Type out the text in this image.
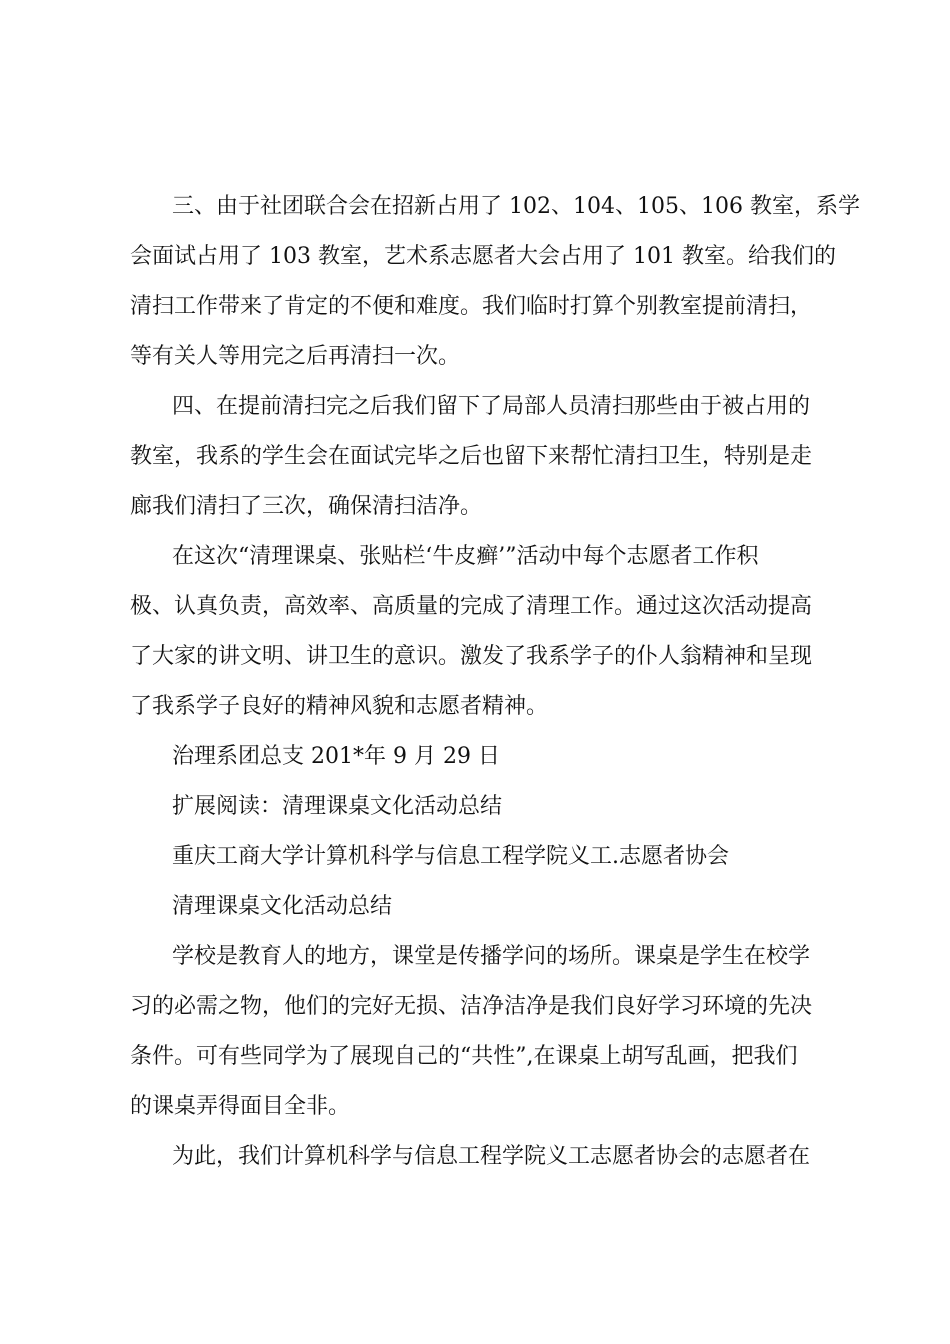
三、由于社团联合会在招新占用了 102、104、105、106 教室，系学
会面试占用了 103 教室，艺术系志愿者大会占用了 101 教室。给我们的
清扫工作带来了肯定的不便和难度。我们临时打算个别教室提前清扫，
等有关人等用完之后再清扫一次。
四、在提前清扫完之后我们留下了局部人员清扫那些由于被占用的
教室，我系的学生会在面试完毕之后也留下来帮忙清扫卫生，特别是走
廊我们清扫了三次，确保清扫洁净。
在这次“清理课桌、张贴栏‘牛皮癣’”活动中每个志愿者工作积
极、认真负责，高效率、高质量的完成了清理工作。通过这次活动提高
了大家的讲文明、讲卫生的意识。激发了我系学子的仆人翁精神和呈现
了我系学子良好的精神风貌和志愿者精神。
治理系团总支 201*年 9 月 29 日
扩展阅读：清理课桌文化活动总结
重庆工商大学计算机科学与信息工程学院义工.志愿者协会
清理课桌文化活动总结
学校是教育人的地方，课堂是传播学问的场所。课桌是学生在校学
习的必需之物，他们的完好无损、洁净洁净是我们良好学习环境的先决
条件。可有些同学为了展现自己的“共性”,在课桌上胡写乱画，把我们
的课桌弄得面目全非。
为此，我们计算机科学与信息工程学院义工志愿者协会的志愿者在
